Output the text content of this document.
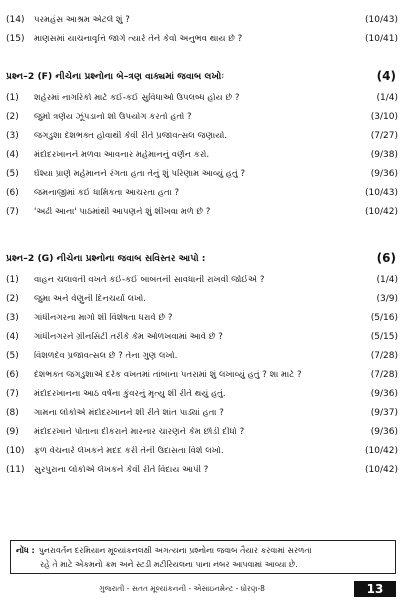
(14)	પરમહંસ આશ્રમ એટલે શું ?	(10/43)
(15)	માણસમાં યાચનાવૃત્તિ જાગે ત્યારે તેને કેવો અનુભવ થાય છે ?	(10/41)
પ્રશ્ન–2 (F) નીચેના પ્રશ્નોના બે–ત્રણ વાક્યમાં જવાબ લખોઃ	(4)
(1)	શહેરમાં નાગરિકો માટે કઈ-કઈ સુવિધાઓ ઉપલબ્ધ હોય છે ?	(1/4)
(2)	જુમો ત્રણેય ઝૂંપડાનો શો ઉપયોગ કરતો હતો ?	(3/10)
(3)	જગડુશા દેશભક્ત હોવાથી કેવી રીતે પ્રજાવત્સલ જણાયો.	(7/27)
(4)	મંદોદરખાનને મળવા આવનાર મહેમાનનું વર્ણન કરો.	(9/38)
(5)	ઘેંશ્યા પ્રાણે મહેમાનને રંગતા હતા તેનું શું પરિણામ આવ્યું હતું ?	(9/36)
(6)	જમનાજીમાં કઈ ધાર્મિકતા આચરતા હતા ?	(10/43)
(7)	'અઢી આના' પાઠમાંથી આપણને શું શીખવા મળે છે ?	(10/42)
પ્રશ્ન–2 (G) નીચેના પ્રશ્નોના જવાબ સવિસ્તર આપો :	(6)
(1)	વાહન ચલાવતી વખતે કઈ-કઈ બાબતની સાવધાની રાખવી જોઈએ ?	(1/4)
(2)	જુમા અને વેણુની દિનચર્યા લખો.	(3/9)
(3)	ગાંધીનગરના માર્ગો શી વિશેષતા ધરાવે છે ?	(5/16)
(4)	ગાંધીનગરને ગ્રીનસિટી તરીકે કેમ ઓળખવામાં આવે છે ?	(5/15)
(5)	વિશળદેવ પ્રજાવત્સલ છે ? તેના ગુણ લખો.	(7/28)
(6)	દેશભક્ત જગડુશાએ દરેક વખતમાં તાંબાના પતરામાં શું લખાવ્યું હતું ? શા માટે ?	(7/28)
(7)	મંદોદરખાનના આઠ વર્ષના કુંવરનું મૃત્યુ શી રીતે થયું હતું.	(9/36)
(8)	ગામના લોકોએ મંદોદરખાનને શી રીતે શાંત પાડ્યાં હતા ?	(9/37)
(9)	મંદોદરખાને પોતાના દીકરાને મારનાર ચારણને કેમ છોડી દીધો ?	(9/36)
(10)	ફળ વેચનારે લેખકને મદદ કરી તેની ઉદાસતા વિશે લખો.	(10/42)
(11)	સુરપુરાના લોકોએ લેખકને કેવી રીતે વિદાય આપી ?	(10/42)
નોંધ : પુનરાવર્તન દરમિયાન મૂલ્યાંકનલક્ષી અગત્યના પ્રશ્નોના જવાબ તૈયાર કરવામાં સરળતા
રહે તે માટે એકમનો ક્રમ અને સ્ટડી મટીરિયલના પાના નંબર આપવામાં આવ્યા છે.
ગુજરાતી - સતત મૂલ્યાંકનની - એસાઇનમેન્ટ - ધોરણ-8	13
